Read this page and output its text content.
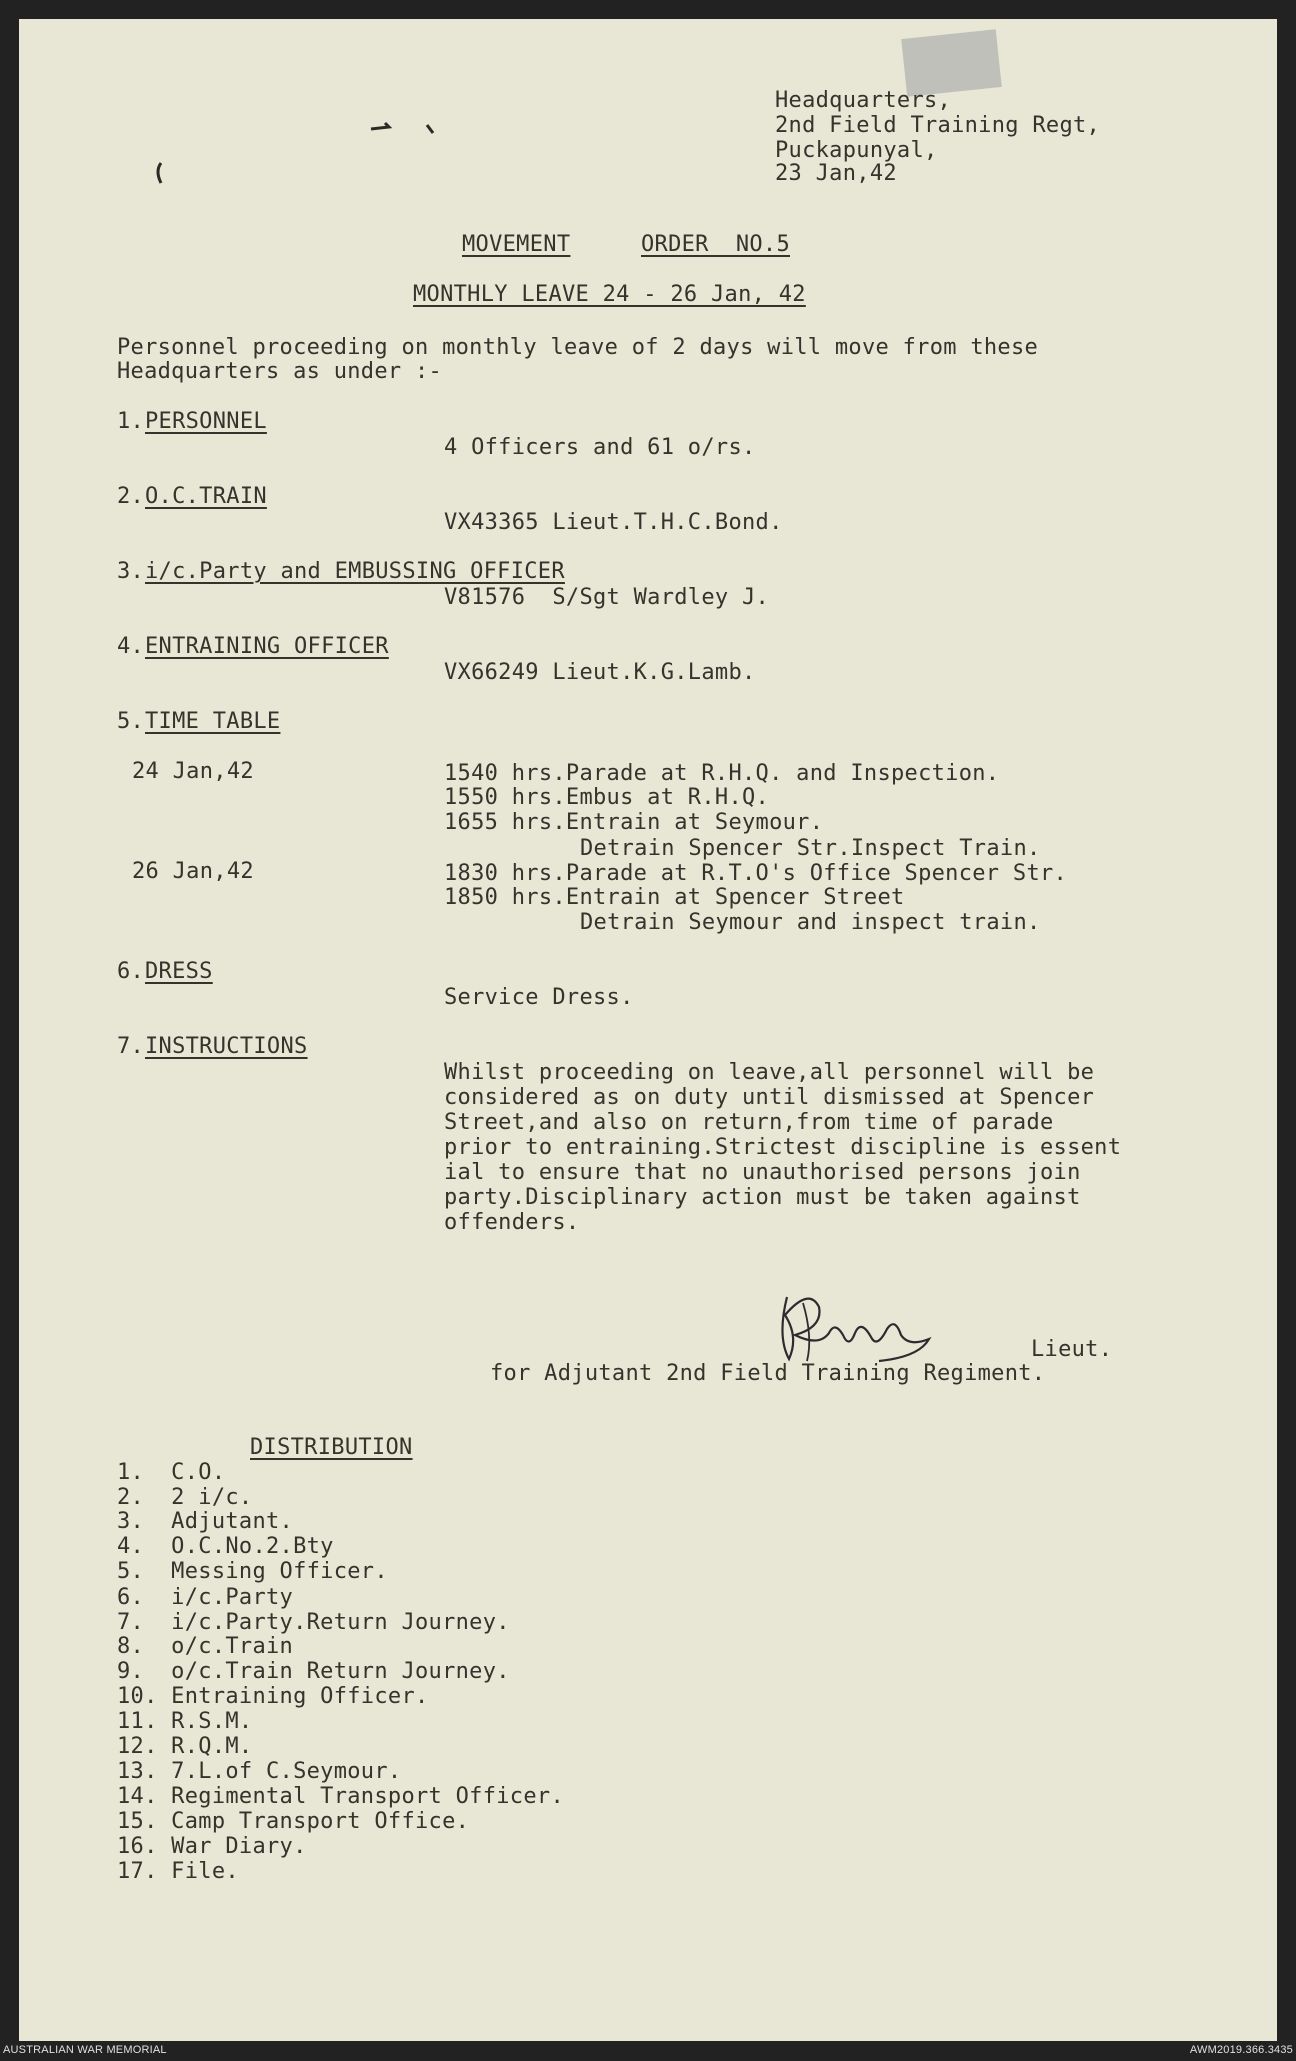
Headquarters,
2nd Field Training Regt,
Puckapunyal,
23 Jan,42
MOVEMENT	ORDER  NO.5
MONTHLY LEAVE 24 - 26 Jan, 42
Personnel proceeding on monthly leave of 2 days will move from these
Headquarters as under :-
1. PERSONNEL
4 Officers and 61 o/rs.
2. O.C.TRAIN
VX43365 Lieut.T.H.C.Bond.
3. i/c.Party and EMBUSSING OFFICER
V81576  S/Sgt Wardley J.
4. ENTRAINING OFFICER
VX66249 Lieut.K.G.Lamb.
5. TIME TABLE
24 Jan,42	1540 hrs.Parade at R.H.Q. and Inspection.
1550 hrs.Embus at R.H.Q.
1655 hrs.Entrain at Seymour.
Detrain Spencer Str.Inspect Train.
26 Jan,42	1830 hrs.Parade at R.T.O's Office Spencer Str.
1850 hrs.Entrain at Spencer Street
Detrain Seymour and inspect train.
6. DRESS
Service Dress.
7. INSTRUCTIONS
Whilst proceeding on leave,all personnel will be
considered as on duty until dismissed at Spencer
Street,and also on return,from time of parade
prior to entraining.Strictest discipline is essent
ial to ensure that no unauthorised persons join
party.Disciplinary action must be taken against
offenders.
Lieut.
for Adjutant 2nd Field Training Regiment.
DISTRIBUTION
1.  C.O.
2.  2 i/c.
3.  Adjutant.
4.  O.C.No.2.Bty
5.  Messing Officer.
6.  i/c.Party
7.  i/c.Party.Return Journey.
8.  o/c.Train
9.  o/c.Train Return Journey.
10. Entraining Officer.
11. R.S.M.
12. R.Q.M.
13. 7.L.of C.Seymour.
14. Regimental Transport Officer.
15. Camp Transport Office.
16. War Diary.
17. File.
AUSTRALIAN WAR MEMORIAL	AWM2019.366.3435
